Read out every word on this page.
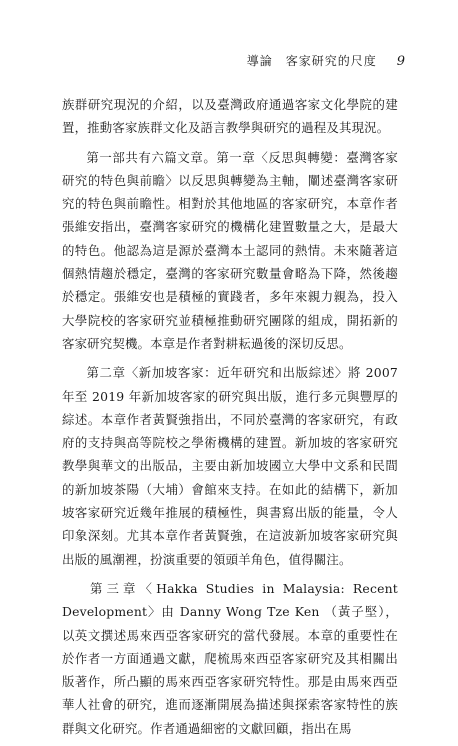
導論　客家研究的尺度 9

族群研究現況的介紹，以及臺灣政府通過客家文化學院的建置，推動客家族群文化及語言教學與研究的過程及其現況。

第一部共有六篇文章。第一章〈反思與轉變：臺灣客家研究的特色與前瞻〉以反思與轉變為主軸，闡述臺灣客家研究的特色與前瞻性。相對於其他地區的客家研究，本章作者張維安指出，臺灣客家研究的機構化建置數量之大，是最大的特色。他認為這是源於臺灣本土認同的熱情。未來隨著這個熱情趨於穩定，臺灣的客家研究數量會略為下降，然後趨於穩定。張維安也是積極的實踐者，多年來親力親為，投入大學院校的客家研究並積極推動研究團隊的組成，開拓新的客家研究契機。本章是作者對耕耘過後的深切反思。

第二章〈新加坡客家：近年研究和出版綜述〉將 2007 年至 2019 年新加坡客家的研究與出版，進行多元與豐厚的綜述。本章作者黃賢強指出，不同於臺灣的客家研究，有政府的支持與高等院校之學術機構的建置。新加坡的客家研究教學與華文的出版品，主要由新加坡國立大學中文系和民間的新加坡茶陽（大埔）會館來支持。在如此的結構下，新加坡客家研究近幾年推展的積極性，與書寫出版的能量，令人印象深刻。尤其本章作者黃賢強，在這波新加坡客家研究與出版的風潮裡，扮演重要的領頭羊角色，值得關注。

第三章〈Hakka Studies in Malaysia: Recent Development〉由 Danny Wong Tze Ken （黃子堅），以英文撰述馬來西亞客家研究的當代發展。本章的重要性在於作者一方面通過文獻，爬梳馬來西亞客家研究及其相關出版著作，所凸顯的馬來西亞客家研究特性。那是由馬來西亞華人社會的研究，進而逐漸開展為描述與探索客家特性的族群與文化研究。作者通過細密的文獻回顧，指出在馬
